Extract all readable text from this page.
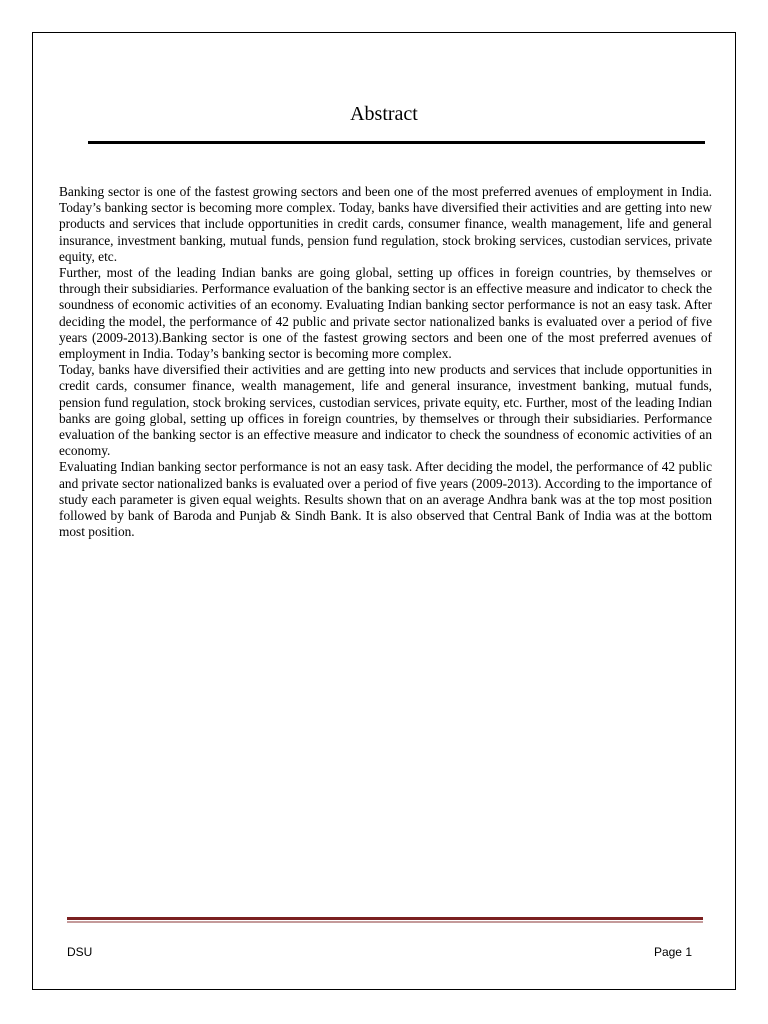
Abstract

Banking sector is one of the fastest growing sectors and been one of the most preferred avenues of employment in India. Today’s banking sector is becoming more complex. Today, banks have diversified their activities and are getting into new products and services that include opportunities in credit cards, consumer finance, wealth management, life and general insurance, investment banking, mutual funds, pension fund regulation, stock broking services, custodian services, private equity, etc.

Further, most of the leading Indian banks are going global, setting up offices in foreign countries, by themselves or through their subsidiaries. Performance evaluation of the banking sector is an effective measure and indicator to check the soundness of economic activities of an economy. Evaluating Indian banking sector performance is not an easy task. After deciding the model, the performance of 42 public and private sector nationalized banks is evaluated over a period of five years (2009-2013).Banking sector is one of the fastest growing sectors and been one of the most preferred avenues of employment in India. Today’s banking sector is becoming more complex.

Today, banks have diversified their activities and are getting into new products and services that include opportunities in credit cards, consumer finance, wealth management, life and general insurance, investment banking, mutual funds, pension fund regulation, stock broking services, custodian services, private equity, etc. Further, most of the leading Indian banks are going global, setting up offices in foreign countries, by themselves or through their subsidiaries. Performance evaluation of the banking sector is an effective measure and indicator to check the soundness of economic activities of an economy.

Evaluating Indian banking sector performance is not an easy task. After deciding the model, the performance of 42 public and private sector nationalized banks is evaluated over a period of five years (2009-2013). According to the importance of study each parameter is given equal weights. Results shown that on an average Andhra bank was at the top most position followed by bank of Baroda and Punjab & Sindh Bank. It is also observed that Central Bank of India was at the bottom most position.

DSU	Page 1
